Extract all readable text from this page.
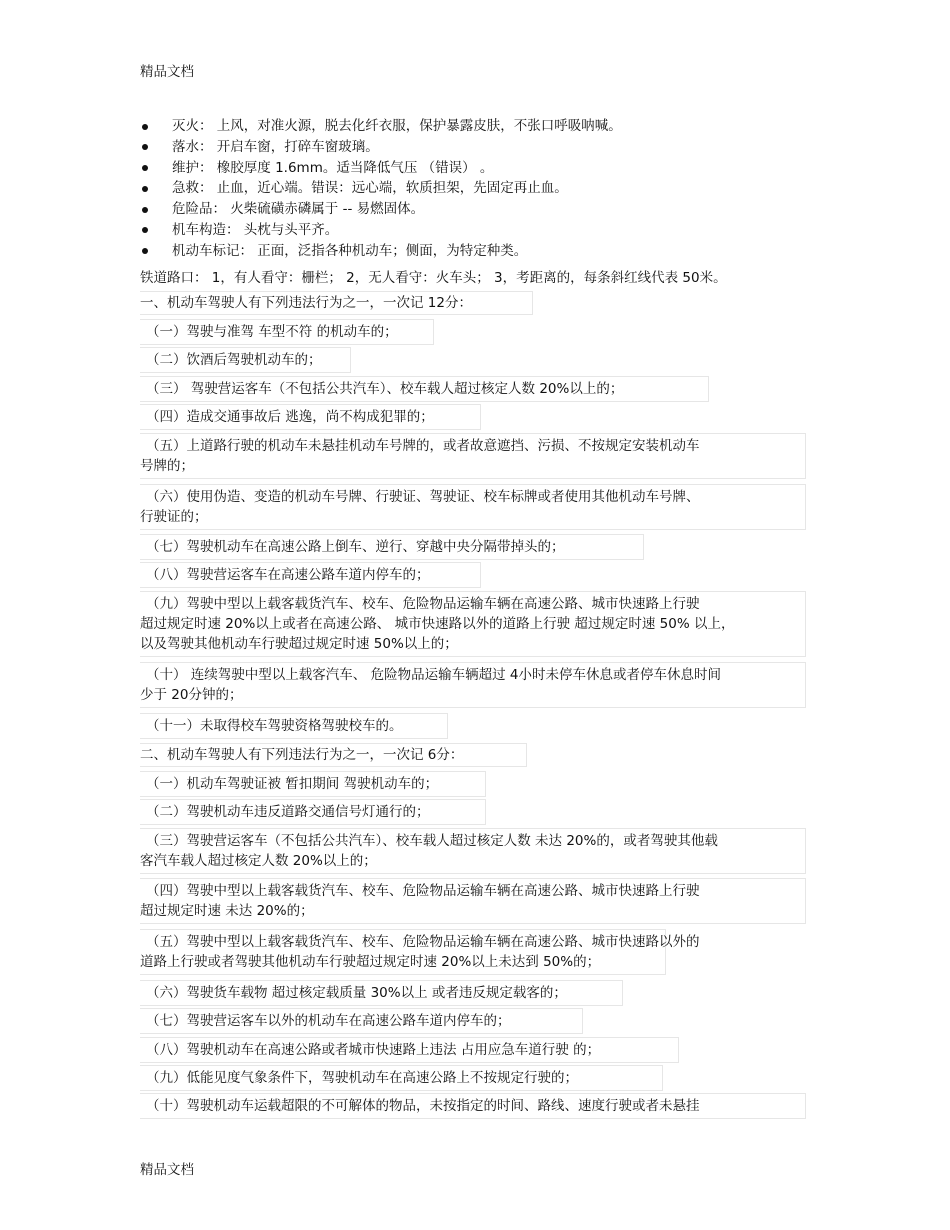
精品文档
灭火： 上风，对准火源，脱去化纤衣服，保护暴露皮肤，不张口呼吸呐喊。
落水： 开启车窗，打碎车窗玻璃。
维护： 橡胶厚度 1.6mm。适当降低气压 （错误） 。
急救： 止血，近心端。错误：远心端，软质担架，先固定再止血。
危险品： 火柴硫磺赤磷属于 -- 易燃固体。
机车构造： 头枕与头平齐。
机动车标记： 正面，泛指各种机动车；侧面，为特定种类。
铁道路口： 1，有人看守：栅栏； 2，无人看守：火车头； 3，考距离的，每条斜红线代表 50米。
一、机动车驾驶人有下列违法行为之一，一次记 12分：
（一）驾驶与准驾 车型不符 的机动车的；
（二）饮酒后驾驶机动车的；
（三） 驾驶营运客车（不包括公共汽车）、校车载人超过核定人数 20%以上的；
（四）造成交通事故后 逃逸，尚不构成犯罪的；
（五）上道路行驶的机动车未悬挂机动车号牌的，或者故意遮挡、污损、不按规定安装机动车
号牌的；
（六）使用伪造、变造的机动车号牌、行驶证、驾驶证、校车标牌或者使用其他机动车号牌、
行驶证的；
（七）驾驶机动车在高速公路上倒车、逆行、穿越中央分隔带掉头的；
（八）驾驶营运客车在高速公路车道内停车的；
（九）驾驶中型以上载客载货汽车、校车、危险物品运输车辆在高速公路、城市快速路上行驶
超过规定时速 20%以上或者在高速公路、 城市快速路以外的道路上行驶 超过规定时速 50% 以上，
以及驾驶其他机动车行驶超过规定时速 50%以上的；
（十） 连续驾驶中型以上载客汽车、 危险物品运输车辆超过 4小时未停车休息或者停车休息时间
少于 20分钟的；
（十一）未取得校车驾驶资格驾驶校车的。
二、机动车驾驶人有下列违法行为之一，一次记 6分：
（一）机动车驾驶证被 暂扣期间 驾驶机动车的；
（二）驾驶机动车违反道路交通信号灯通行的；
（三）驾驶营运客车（不包括公共汽车）、校车载人超过核定人数 未达 20%的，或者驾驶其他载
客汽车载人超过核定人数 20%以上的；
（四）驾驶中型以上载客载货汽车、校车、危险物品运输车辆在高速公路、城市快速路上行驶
超过规定时速 未达 20%的；
（五）驾驶中型以上载客载货汽车、校车、危险物品运输车辆在高速公路、城市快速路以外的
道路上行驶或者驾驶其他机动车行驶超过规定时速 20%以上未达到 50%的；
（六）驾驶货车载物 超过核定载质量 30%以上 或者违反规定载客的；
（七）驾驶营运客车以外的机动车在高速公路车道内停车的；
（八）驾驶机动车在高速公路或者城市快速路上违法 占用应急车道行驶 的；
（九）低能见度气象条件下，驾驶机动车在高速公路上不按规定行驶的；
（十）驾驶机动车运载超限的不可解体的物品，未按指定的时间、路线、速度行驶或者未悬挂
精品文档
